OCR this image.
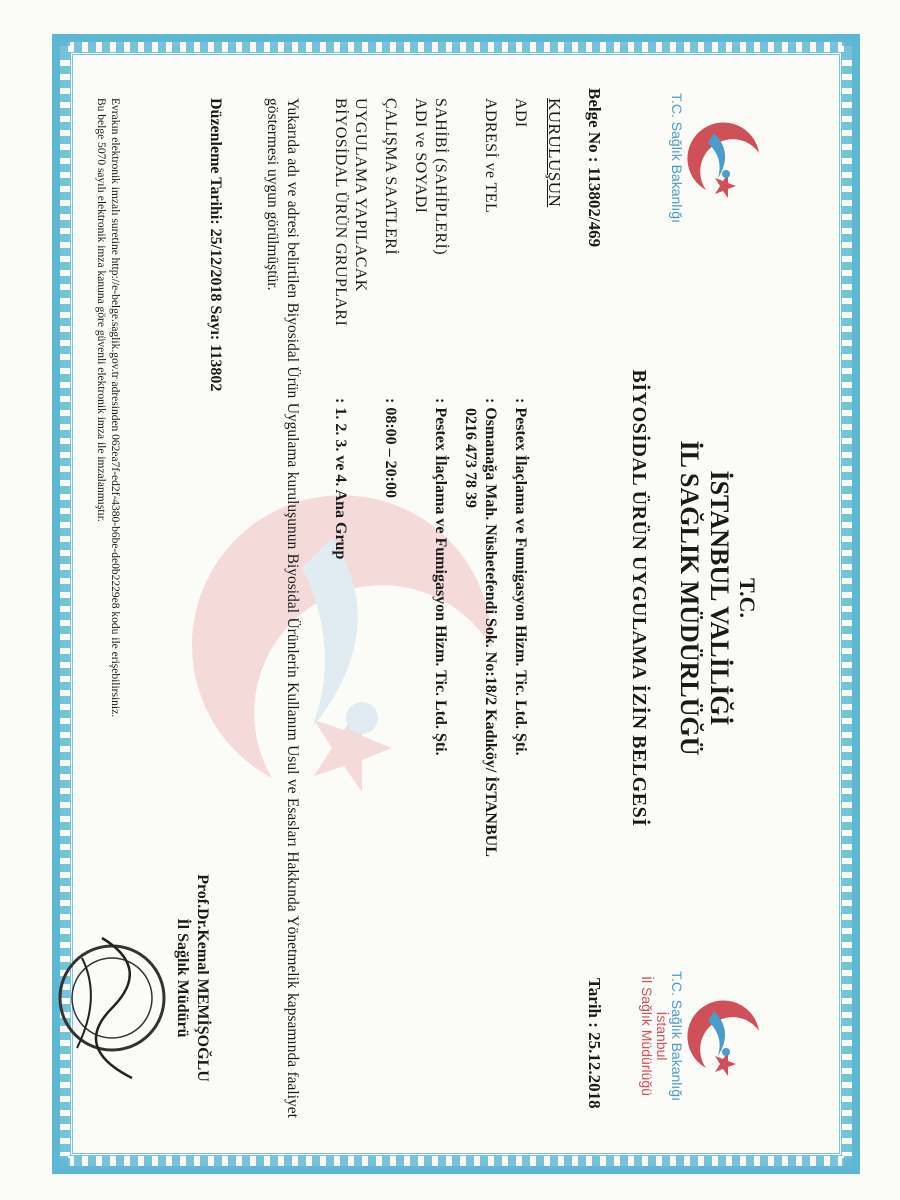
T.C. Sağlık Bakanlığı
T.C. Sağlık Bakanlığı
İstanbul
İl Sağlık Müdürlüğü
T.C.
İSTANBUL VALİLİĞİ
İL SAĞLIK MÜDÜRLÜĞÜ
BİYOSİDAL ÜRÜN UYGULAMA İZİN BELGESİ
Belge No : 113802/469
Tarih : 25.12.2018
KURULUŞUN
ADI
: Pestex İlaçlama ve Fumigasyon Hizm. Tic. Ltd. Şti.
ADRESİ ve TEL
: Osmanağa Mah. Nüshetefendi Sok. No:18/2 Kadıköy/ İSTANBUL
0216 473 78 39
SAHİBİ (SAHİPLERİ)
ADI ve SOYADI
: Pestex İlaçlama ve Fumigasyon Hizm. Tic. Ltd. Şti.
ÇALIŞMA SAATLERİ
: 08:00 – 20:00
UYGULAMA YAPILACAK
BİYOSİDAL ÜRÜN GRUPLARI
: 1. 2. 3. ve 4. Ana Grup
Yukarıda adı ve adresi belirtilen Biyosidal Ürün Uygulama kuruluşunun Biyosidal Ürünlerin Kullanım Usul ve Esasları Hakkında Yönetmelik kapsamında faaliyet göstermesi uygun görülmüştür.
Düzenleme Tarihi: 25/12/2018 Sayı: 113802
Prof.Dr.Kemal MEMİŞOĞLU
İl Sağlık Müdürü
Evrakın elektronik imzalı suretine http://e-belge.saglik.gov.tr adresinden 062ea7f-ed2f-4380-b6be-de0b2229e8 kodu ile erişebilirsiniz.
Bu belge 5070 sayılı elektronik imza kanuna göre güvenli elektronik imza ile imzalanmıştır.
